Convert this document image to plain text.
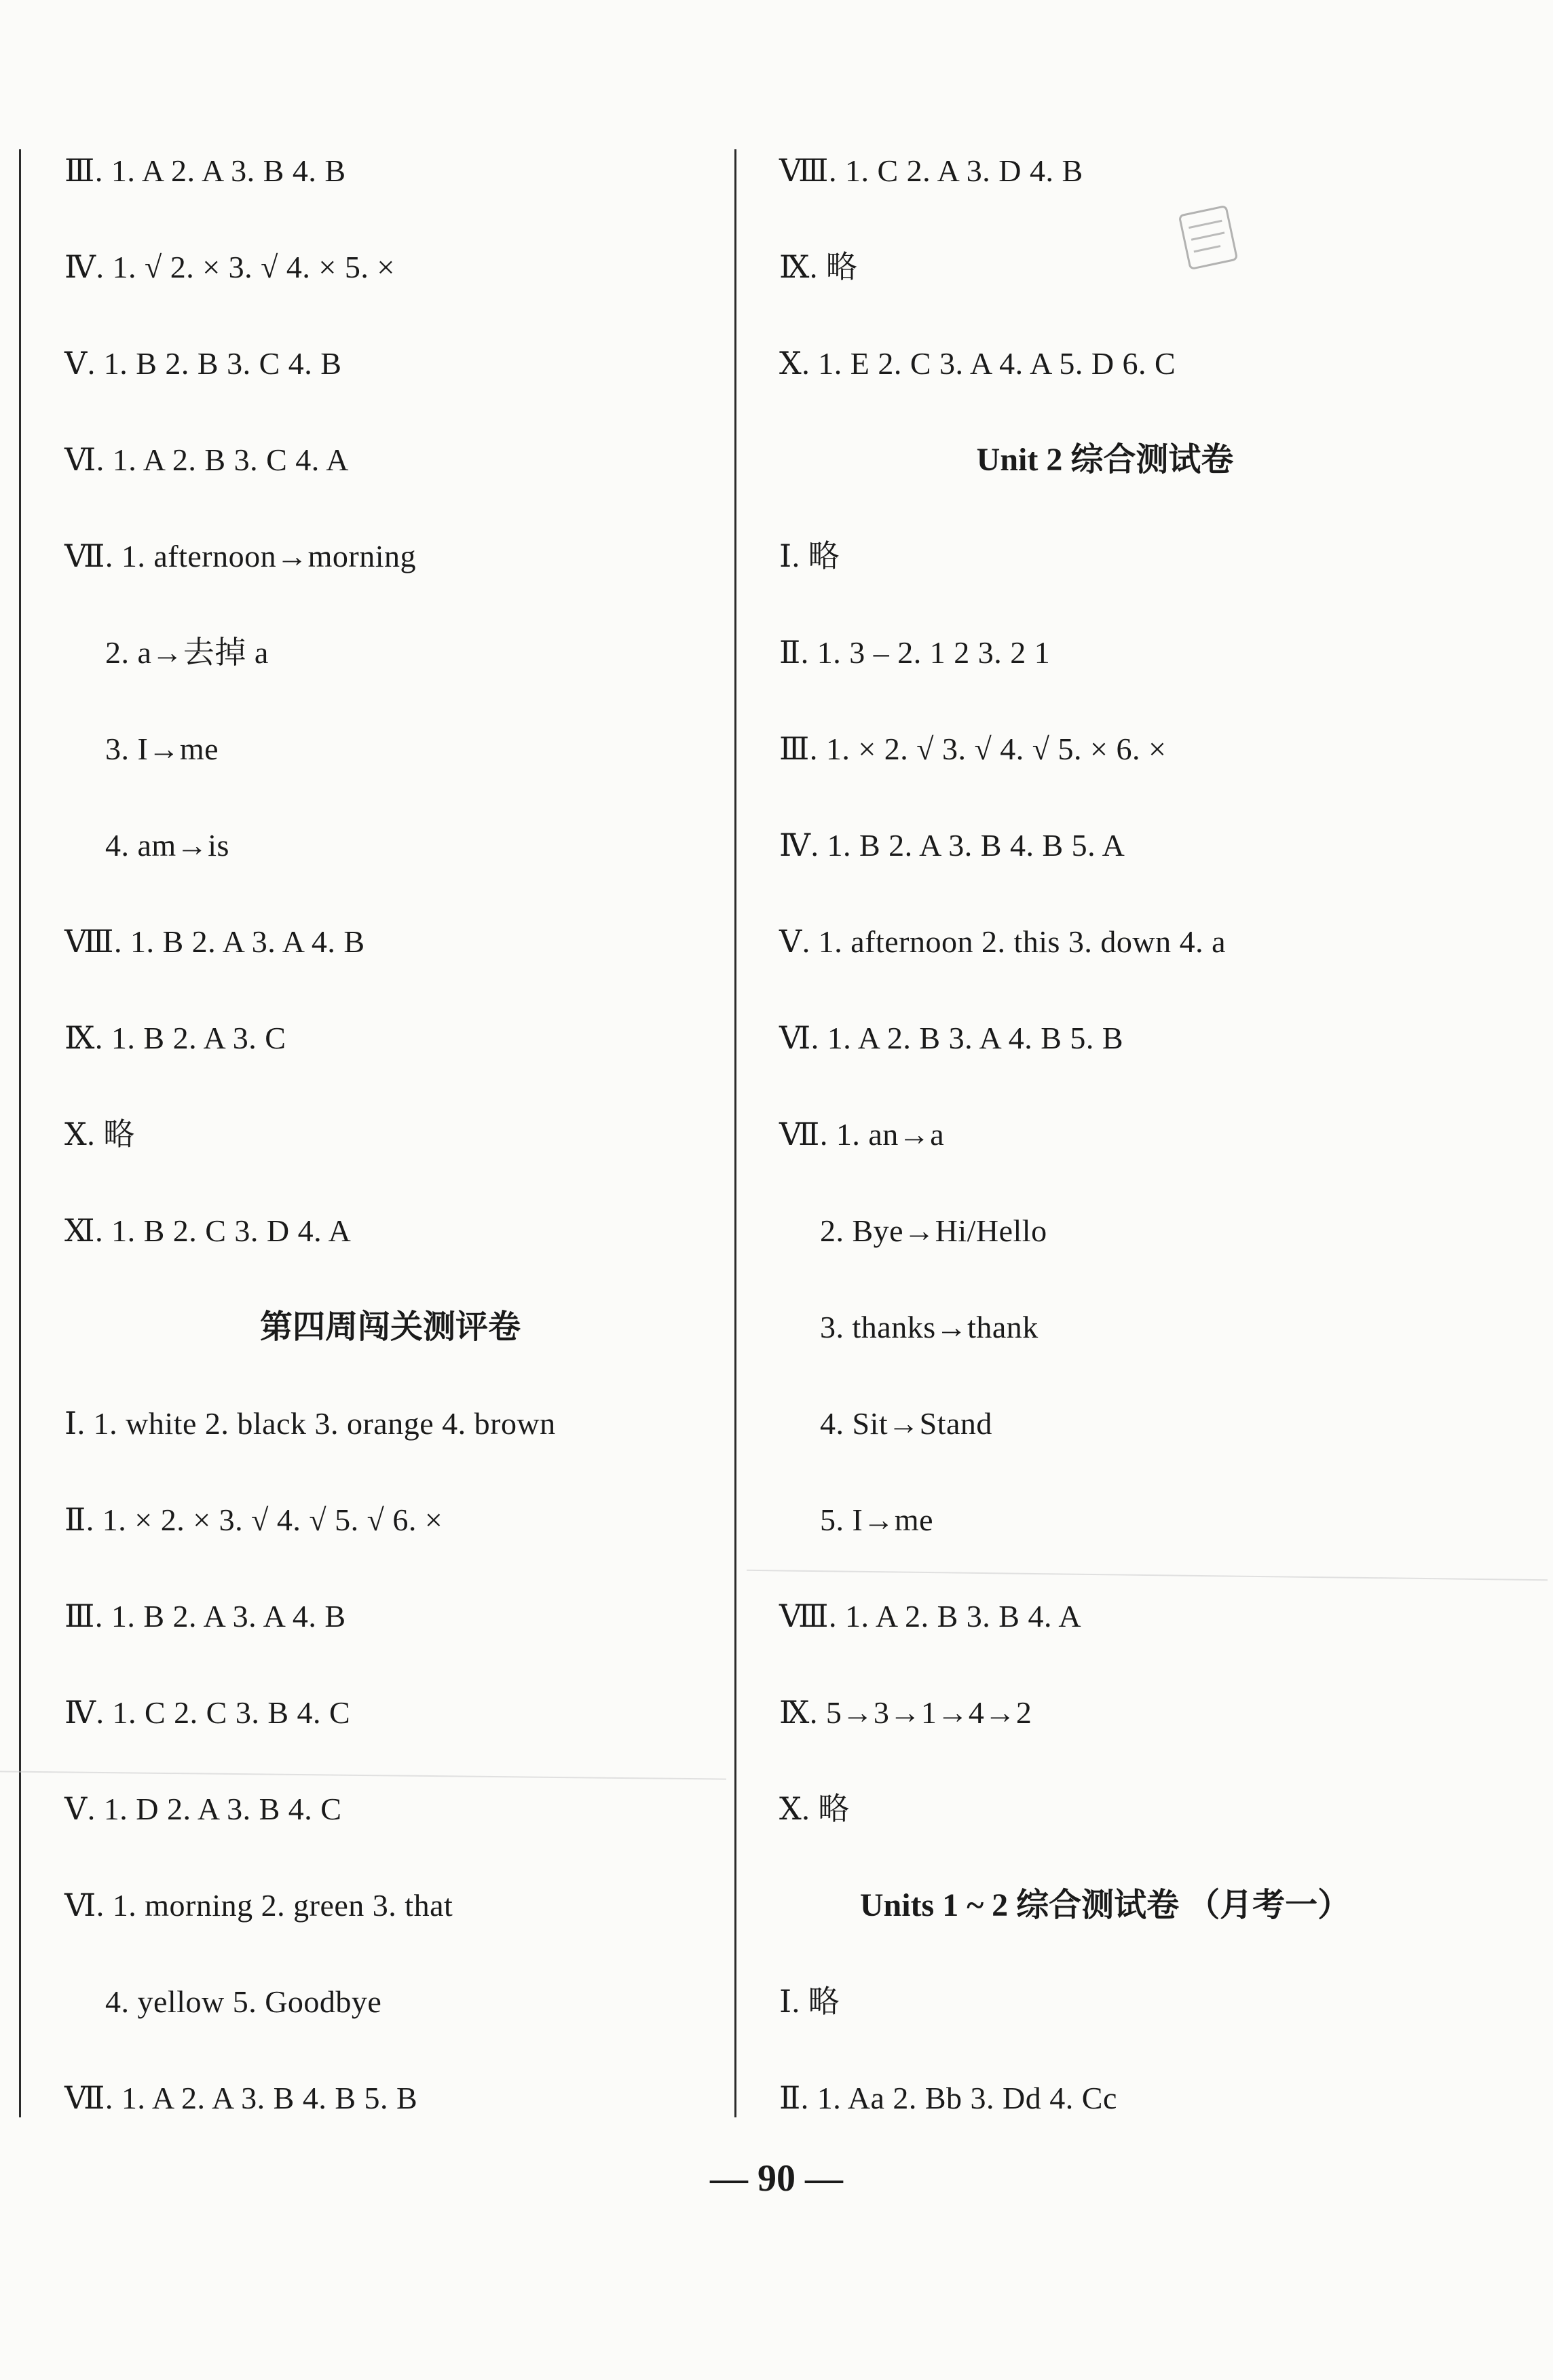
Ⅲ. 1. A 2. A 3. B 4. B
Ⅳ. 1. √ 2. × 3. √ 4. × 5. ×
Ⅴ. 1. B 2. B 3. C 4. B
Ⅵ. 1. A 2. B 3. C 4. A
Ⅶ. 1. afternoon→morning
2. a→去掉 a
3. I→me
4. am→is
Ⅷ. 1. B 2. A 3. A 4. B
Ⅸ. 1. B 2. A 3. C
Ⅹ. 略
Ⅺ. 1. B 2. C 3. D 4. A
第四周闯关测评卷
Ⅰ. 1. white 2. black 3. orange 4. brown
Ⅱ. 1. × 2. × 3. √ 4. √ 5. √ 6. ×
Ⅲ. 1. B 2. A 3. A 4. B
Ⅳ. 1. C 2. C 3. B 4. C
Ⅴ. 1. D 2. A 3. B 4. C
Ⅵ. 1. morning 2. green 3. that
4. yellow 5. Goodbye
Ⅶ. 1. A 2. A 3. B 4. B 5. B
Ⅷ. 1. C 2. A 3. D 4. B
Ⅸ. 略
Ⅹ. 1. E 2. C 3. A 4. A 5. D 6. C
Unit 2 综合测试卷
Ⅰ. 略
Ⅱ. 1. 3 – 2. 1 2 3. 2 1
Ⅲ. 1. × 2. √ 3. √ 4. √ 5. × 6. ×
Ⅳ. 1. B 2. A 3. B 4. B 5. A
Ⅴ. 1. afternoon 2. this 3. down 4. a
Ⅵ. 1. A 2. B 3. A 4. B 5. B
Ⅶ. 1. an→a
2. Bye→Hi/Hello
3. thanks→thank
4. Sit→Stand
5. I→me
Ⅷ. 1. A 2. B 3. B 4. A
Ⅸ. 5→3→1→4→2
Ⅹ. 略
Units 1 ~ 2 综合测试卷 （月考一）
Ⅰ. 略
Ⅱ. 1. Aa 2. Bb 3. Dd 4. Cc
— 90 —
